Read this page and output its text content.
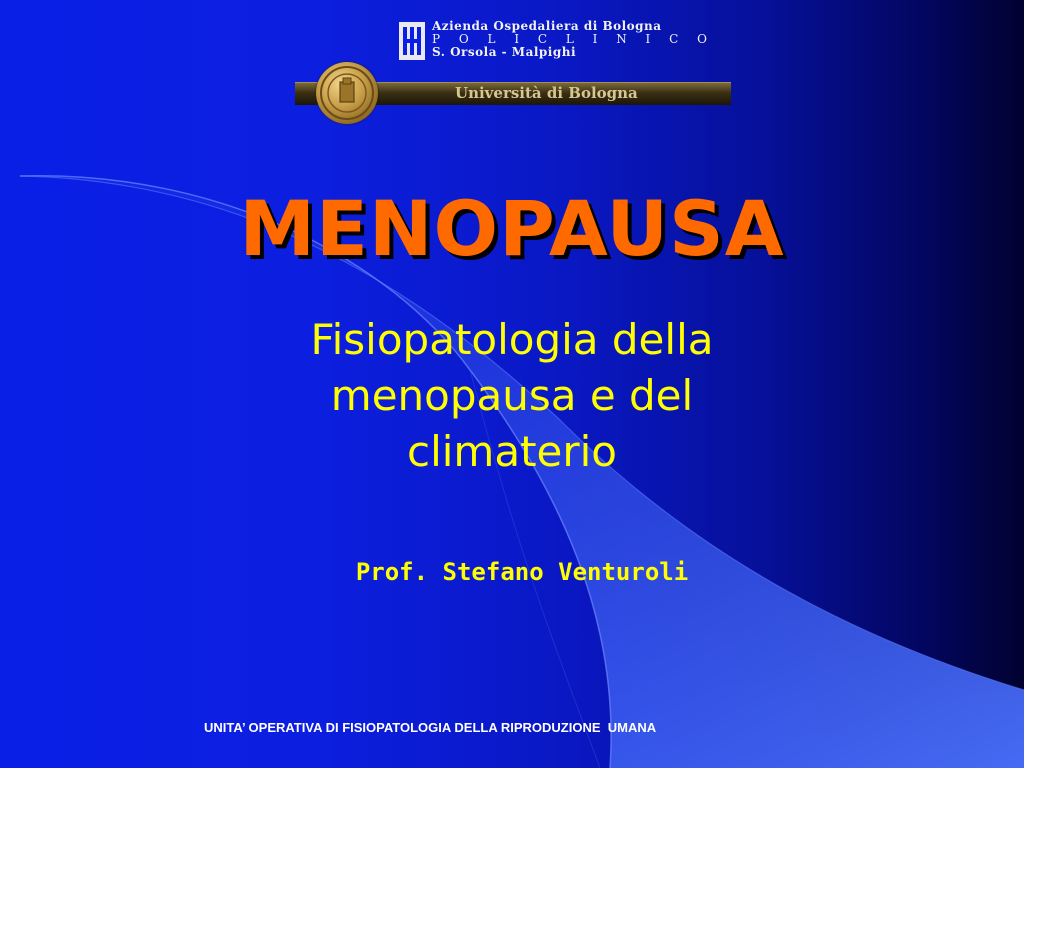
Azienda Ospedaliera di Bologna
P O L I C L I N I C O
S. Orsola - Malpighi
Università di Bologna
MENOPAUSA
Fisiopatologia della
menopausa e del
climaterio
Prof. Stefano Venturoli

UNITA’ OPERATIVA DI FISIOPATOLOGIA DELLA RIPRODUZIONE  UMANA

AZIENDA OSPEDALIERA S. ORSOLA-MALPIGHI

ISTITUTO DI CLINICA OSTETRICA E GINECOLOGICA “P. SFAMENI”

UNIVERSITA’ DEGLI STUDI DI BOLOGNA
